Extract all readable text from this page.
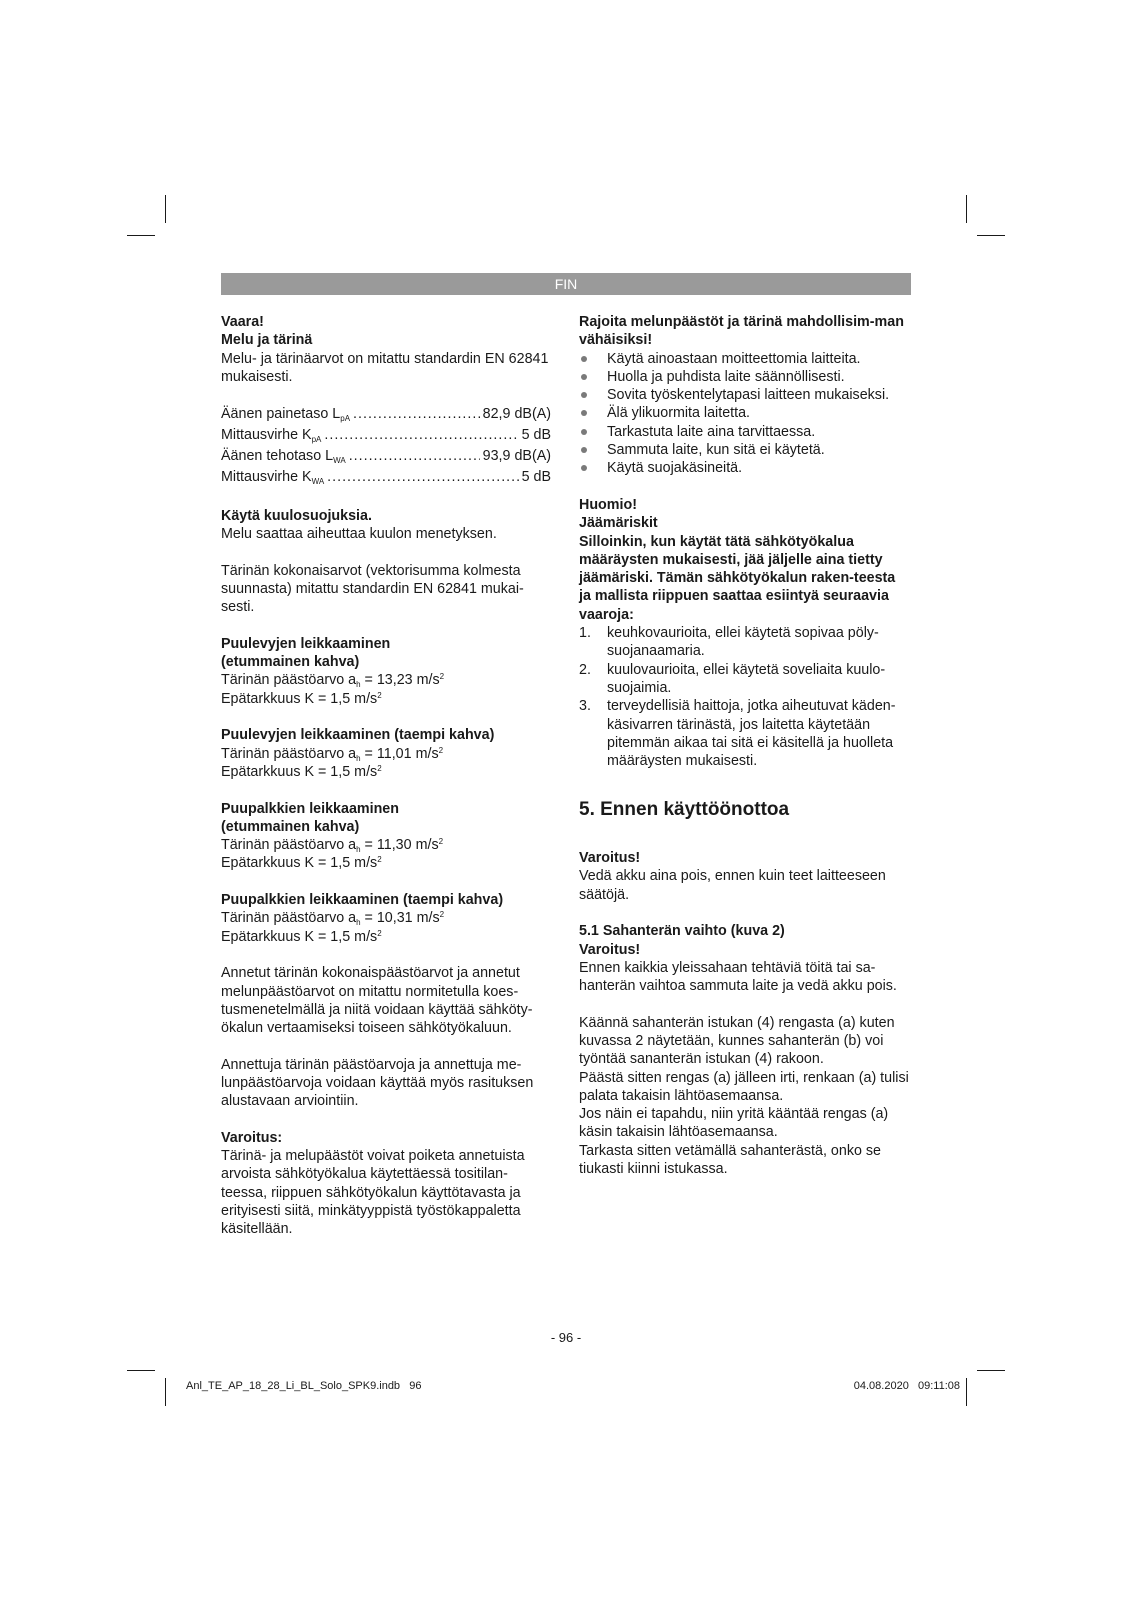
FIN

Vaara!

Melu ja tärinä

Melu- ja tärinäarvot on mitattu standardin EN 62841 mukaisesti.

Äänen painetaso $L_{pA}$ .....	82,9 dB(A)
Mittausvirhe $K_{pA}$ .....	5 dB
Äänen tehotaso $L_{WA}$ .....	93,9 dB(A)
Mittausvirhe $K_{WA}$ .....	5 dB

Käytä kuulosuojuksia.

Melu saattaa aiheuttaa kuulon menetyksen.

Tärinän kokonaisarvot (vektorisumma kolmesta suunnasta) mitattu standardin EN 62841 mukai-sesti.

Puulevyjen leikkaaminen

(etummainen kahva)

Tärinän päästöarvo $a_h = 13,23$ $m/s^2$

Epätarkkuus K = 1,5 $m/s^2$

Puulevyjen leikkaaminen (taempi kahva)

Tärinän päästöarvo $a_h = 11,01$ $m/s^2$

Epätarkkuus K = 1,5 $m/s^2$

Puupalkkien leikkaaminen

(etummainen kahva)

Tärinän päästöarvo $a_h = 11,30$ $m/s^2$

Epätarkkuus K = 1,5 $m/s^2$

Puupalkkien leikkaaminen (taempi kahva)

Tärinän päästöarvo $a_h = 10,31$ $m/s^2$

Epätarkkuus K = 1,5 $m/s^2$

Annetut tärinän kokonaispäästöarvot ja annetut melunpäästöarvot on mitattu normitetulla koes-tusmenetelmällä ja niitä voidaan käyttää sähköty-ökalun vertaamiseksi toiseen sähkötyökaluun.

Annettuja tärinän päästöarvoja ja annettuja me-lunpäästöarvoja voidaan käyttää myös rasituksen alustavaan arviointiin.

Varoitus:

Tärinä- ja melupäästöt voivat poiketa annetuista arvoista sähkötyökalua käytettäessä tositilan-teessa, riippuen sähkötyökalun käyttötavasta ja erityisesti siitä, minkätyyppistä työstökappaletta käsitellään.

Rajoita melunpäästöt ja tärinä mahdollisim-man vähäisiksi!

Käytä ainoastaan moitteettomia laitteita.
Huolla ja puhdista laite säännöllisesti.
Sovita työskentelytapasi laitteen mukaiseksi.
Älä ylikuormita laitetta.
Tarkastuta laite aina tarvittaessa.
Sammuta laite, kun sitä ei käytetä.
Käytä suojakäsineitä.

Huomio!

Jäämäriskit

Silloinkin, kun käytät tätä sähkötyökalua määräysten mukaisesti, jää jäljelle aina tietty jäämäriski. Tämän sähkötyökalun raken-teesta ja mallista riippuen saattaa esiintyä seuraavia vaaroja:

1. keuhkovaurioita, ellei käytetä sopivaa pöly-suojanaamaria.
2. kuulovaurioita, ellei käytetä soveliaita kuulo-suojaimia.
3. terveydellisiä haittoja, jotka aiheutuvat käden-käsivarren tärinästä, jos laitetta käytetään pitemmän aikaa tai sitä ei käsitellä ja huolleta määräysten mukaisesti.
5. Ennen käyttöönottoa

Varoitus!

Vedä akku aina pois, ennen kuin teet laitteeseen säätöjä.

5.1 Sahanterän vaihto (kuva 2)

Varoitus!

Ennen kaikkia yleissahaan tehtäviä töitä tai sa-hanterän vaihtoa sammuta laite ja vedä akku pois.

Käännä sahanterän istukan (4) rengasta (a) kuten kuvassa 2 näytetään, kunnes sahanterän (b) voi työntää sananterän istukan (4) rakoon.

Päästä sitten rengas (a) jälleen irti, renkaan (a) tulisi palata takaisin lähtöasemaansa.

Jos näin ei tapahdu, niin yritä kääntää rengas (a) käsin takaisin lähtöasemaansa.

Tarkasta sitten vetämällä sahanterästä, onko se tiukasti kiinni istukassa.

- 96 -
Anl_TE_AP_18_28_Li_BL_Solo_SPK9.indb   96	04.08.2020   09:11:08
